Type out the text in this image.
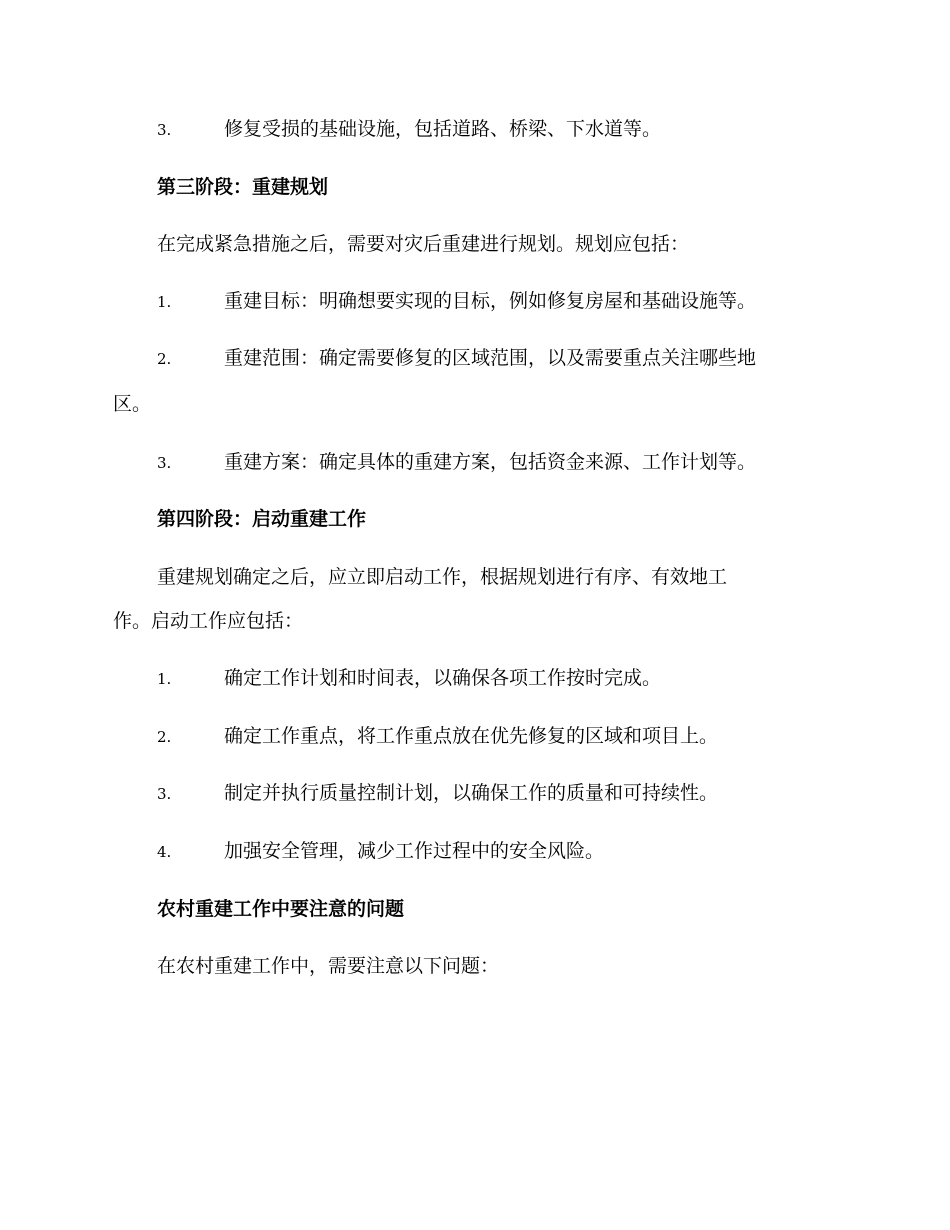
3.	修复受损的基础设施，包括道路、桥梁、下水道等。
第三阶段：重建规划
在完成紧急措施之后，需要对灾后重建进行规划。规划应包括：
1.	重建目标：明确想要实现的目标，例如修复房屋和基础设施等。
2.	重建范围：确定需要修复的区域范围，以及需要重点关注哪些地
区。
3.	重建方案：确定具体的重建方案，包括资金来源、工作计划等。
第四阶段：启动重建工作
重建规划确定之后，应立即启动工作，根据规划进行有序、有效地工
作。启动工作应包括：
1.	确定工作计划和时间表，以确保各项工作按时完成。
2.	确定工作重点，将工作重点放在优先修复的区域和项目上。
3.	制定并执行质量控制计划，以确保工作的质量和可持续性。
4.	加强安全管理，减少工作过程中的安全风险。
农村重建工作中要注意的问题
在农村重建工作中，需要注意以下问题：
